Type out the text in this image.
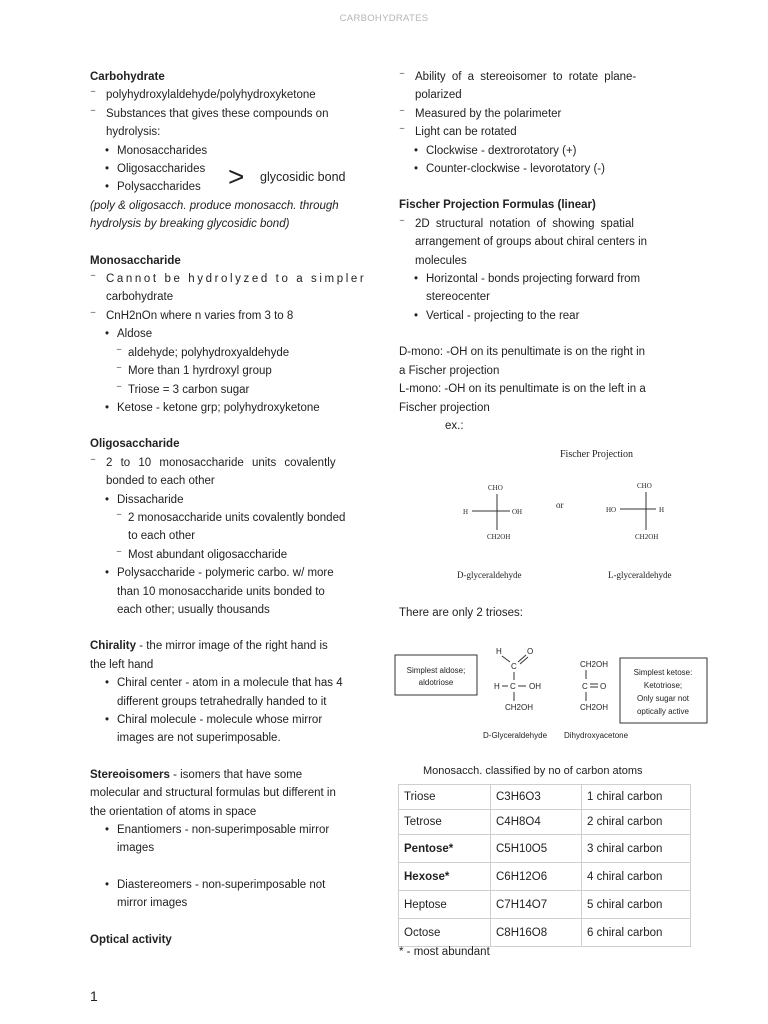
CARBOHYDRATES
Carbohydrate
⁻ polyhydroxylaldehyde/polyhydroxyketone
⁻ Substances that gives these compounds on
hydrolysis:
• Monosaccharides
• Oligosaccharides
• Polysaccharides
(poly & oligosacch. produce monosacch. through
hydrolysis by breaking glycosidic bond)
Monosaccharide
⁻ Cannot be hydrolyzed to a simpler
carbohydrate
⁻ CnH2nOn where n varies from 3 to 8
• Aldose
⁻ aldehyde; polyhydroxyaldehyde
⁻ More than 1 hyrdroxyl group
⁻ Triose = 3 carbon sugar
• Ketose - ketone grp; polyhydroxyketone
Oligosaccharide
⁻ 2 to 10 monosaccharide units covalently
bonded to each other
• Dissacharide
⁻ 2 monosaccharide units covalently bonded
to each other
⁻ Most abundant oligosaccharide
• Polysaccharide - polymeric carbo. w/ more
than 10 monosaccharide units bonded to
each other; usually thousands
Chirality - the mirror image of the right hand is
the left hand
• Chiral center - atom in a molecule that has 4
different groups tetrahedrally handed to it
• Chiral molecule - molecule whose mirror
images are not superimposable.
Stereoisomers - isomers that have some
molecular and structural formulas but different in
the orientation of atoms in space
• Enantiomers - non-superimposable mirror
images
• Diastereomers - non-superimposable not
mirror images
Optical activity
> glycosidic bond
⁻ Ability of a stereoisomer to rotate plane-
polarized
⁻ Measured by the polarimeter
⁻ Light can be rotated
• Clockwise - dextrorotatory (+)
• Counter-clockwise - levorotatory (-)
Fischer Projection Formulas (linear)
⁻ 2D structural notation of showing spatial
arrangement of groups about chiral centers in
molecules
• Horizontal - bonds projecting forward from
stereocenter
• Vertical - projecting to the rear
D-mono: -OH on its penultimate is on the right in
a Fischer projection
L-mono: -OH on its penultimate is on the left in a
Fischer projection
ex.:
Fischer Projection
CHO
H	OH
CH2OH
D-glyceraldehyde
or
CHO
HO	H
CH2OH
L-glyceraldehyde
There are only 2 trioses:
Simplest aldose;
aldotriose
H	O
C
H C OH
CH2OH
CH2OH
C O
CH2OH
Simplest ketose:
Ketotriose;
Only sugar not
optically active
D-Glyceraldehyde Dihydroxyacetone
Monosacch. classified by no of carbon atoms
Triose	C3H6O3	1 chiral carbon
Tetrose	C4H8O4	2 chiral carbon
Pentose*	C5H10O5	3 chiral carbon
Hexose*	C6H12O6	4 chiral carbon
Heptose	C7H14O7	5 chiral carbon
Octose	C8H16O8	6 chiral carbon
* - most abundant
1
